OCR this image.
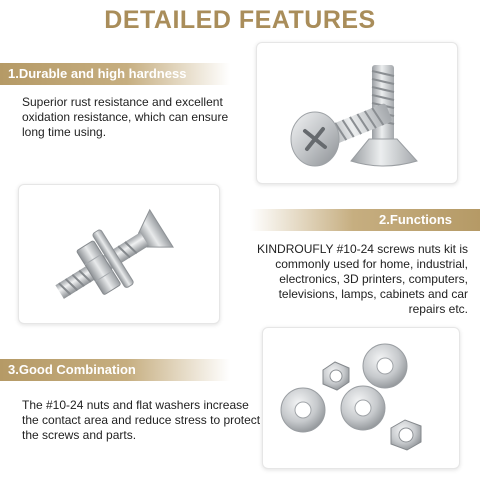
DETAILED FEATURES
1.Durable and high hardness
Superior rust resistance and excellent oxidation resistance, which can ensure long time using.
2.Functions
KINDROUFLY #10-24 screws nuts kit is commonly used for home, industrial, electronics, 3D printers, computers, televisions, lamps, cabinets and car repairs etc.
3.Good Combination
The #10-24 nuts and flat washers increase the contact area and reduce stress to protect the screws and parts.
